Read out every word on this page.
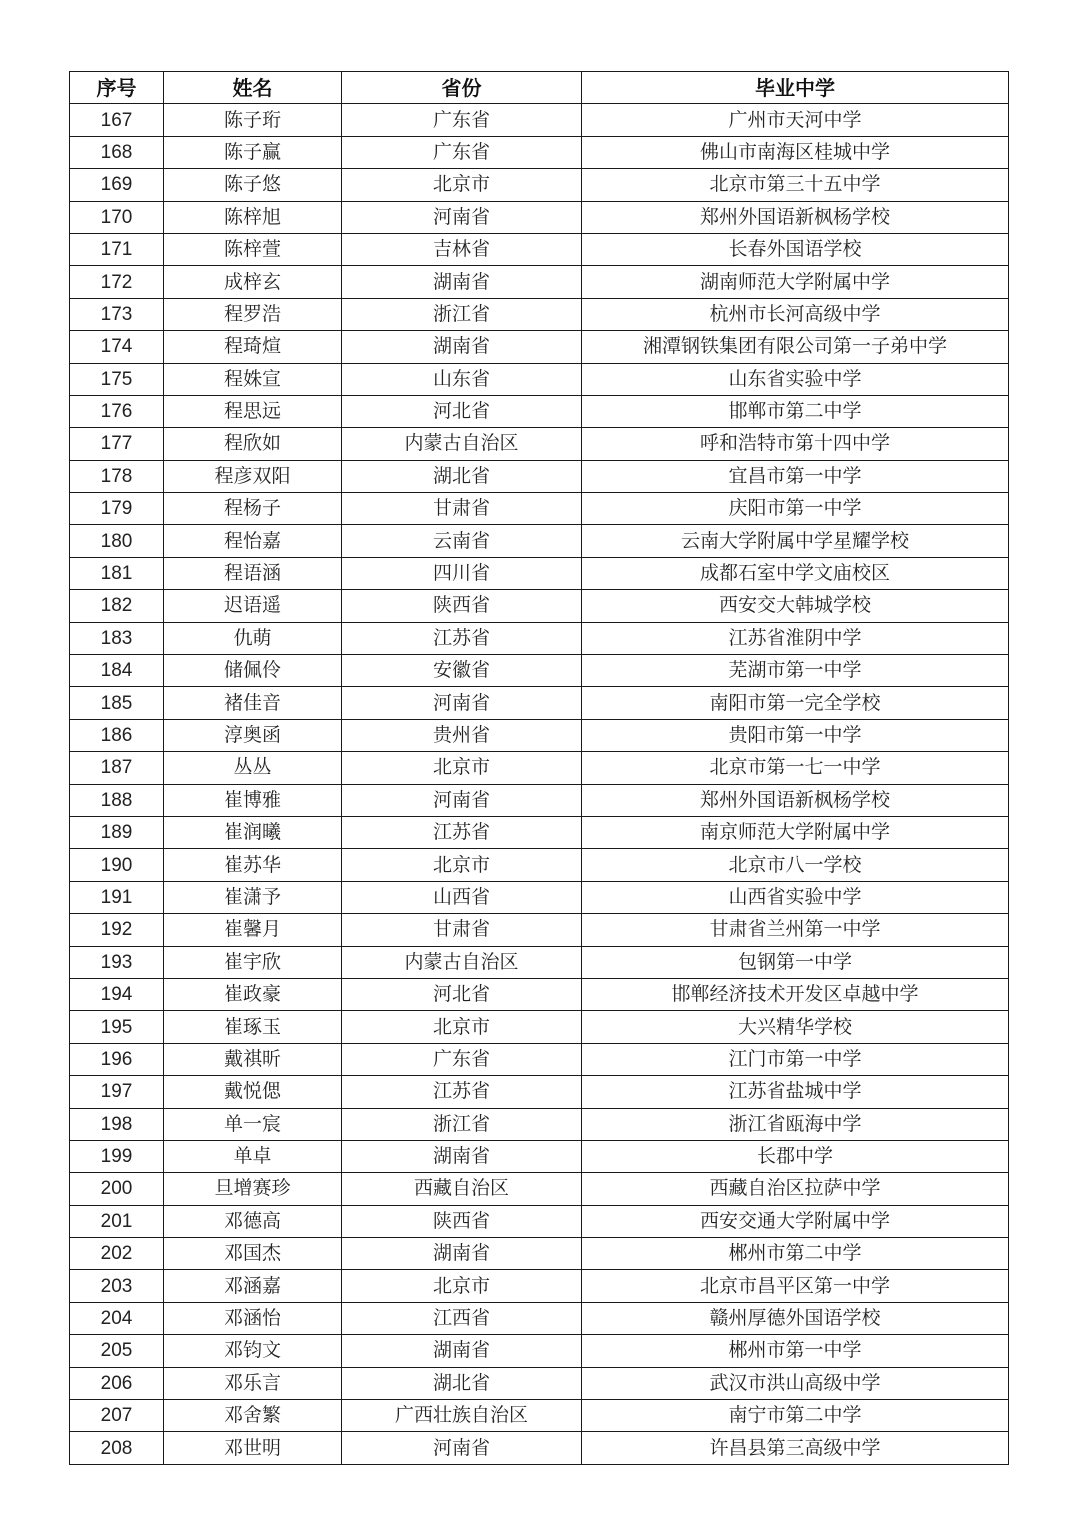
序号	姓名	省份	毕业中学
167	陈子珩	广东省	广州市天河中学
168	陈子赢	广东省	佛山市南海区桂城中学
169	陈子悠	北京市	北京市第三十五中学
170	陈梓旭	河南省	郑州外国语新枫杨学校
171	陈梓萱	吉林省	长春外国语学校
172	成梓玄	湖南省	湖南师范大学附属中学
173	程罗浩	浙江省	杭州市长河高级中学
174	程琦煊	湖南省	湘潭钢铁集团有限公司第一子弟中学
175	程姝宣	山东省	山东省实验中学
176	程思远	河北省	邯郸市第二中学
177	程欣如	内蒙古自治区	呼和浩特市第十四中学
178	程彦双阳	湖北省	宜昌市第一中学
179	程杨子	甘肃省	庆阳市第一中学
180	程怡嘉	云南省	云南大学附属中学星耀学校
181	程语涵	四川省	成都石室中学文庙校区
182	迟语遥	陕西省	西安交大韩城学校
183	仇萌	江苏省	江苏省淮阴中学
184	储佩伶	安徽省	芜湖市第一中学
185	褚佳音	河南省	南阳市第一完全学校
186	淳奥函	贵州省	贵阳市第一中学
187	丛丛	北京市	北京市第一七一中学
188	崔博雅	河南省	郑州外国语新枫杨学校
189	崔润曦	江苏省	南京师范大学附属中学
190	崔苏华	北京市	北京市八一学校
191	崔潇予	山西省	山西省实验中学
192	崔馨月	甘肃省	甘肃省兰州第一中学
193	崔宇欣	内蒙古自治区	包钢第一中学
194	崔政豪	河北省	邯郸经济技术开发区卓越中学
195	崔琢玉	北京市	大兴精华学校
196	戴祺昕	广东省	江门市第一中学
197	戴悦偲	江苏省	江苏省盐城中学
198	单一宸	浙江省	浙江省瓯海中学
199	单卓	湖南省	长郡中学
200	旦增赛珍	西藏自治区	西藏自治区拉萨中学
201	邓德高	陕西省	西安交通大学附属中学
202	邓国杰	湖南省	郴州市第二中学
203	邓涵嘉	北京市	北京市昌平区第一中学
204	邓涵怡	江西省	赣州厚德外国语学校
205	邓钧文	湖南省	郴州市第一中学
206	邓乐言	湖北省	武汉市洪山高级中学
207	邓舍繁	广西壮族自治区	南宁市第二中学
208	邓世明	河南省	许昌县第三高级中学
